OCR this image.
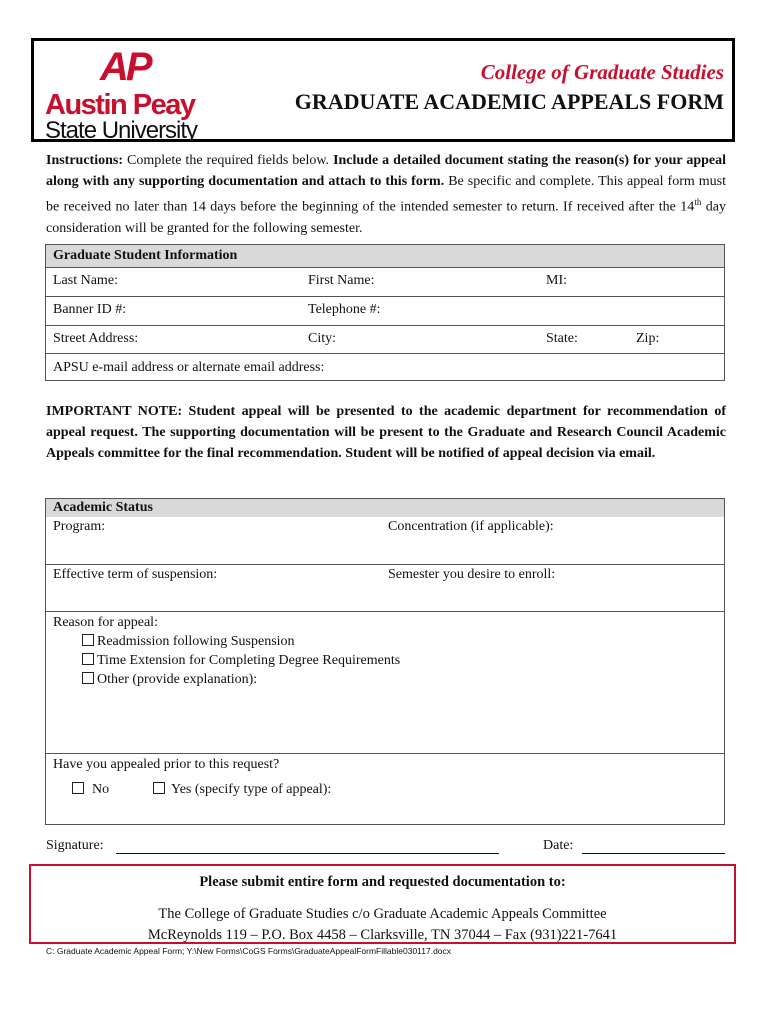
AP
Austin Peay
State University
College of Graduate Studies
GRADUATE ACADEMIC APPEALS FORM
Instructions: Complete the required fields below. Include a detailed document stating the reason(s) for your appeal along with any supporting documentation and attach to this form. Be specific and complete. This appeal form must be received no later than 14 days before the beginning of the intended semester to return. If received after the 14th day consideration will be granted for the following semester.
Graduate Student Information
Last Name:	First Name:	MI:
Banner ID #:	Telephone #:
Street Address:	City:	State:	Zip:
APSU e-mail address or alternate email address:
IMPORTANT NOTE: Student appeal will be presented to the academic department for recommendation of appeal request. The supporting documentation will be present to the Graduate and Research Council Academic Appeals committee for the final recommendation. Student will be notified of appeal decision via email.
Academic Status
Program:	Concentration (if applicable):
Effective term of suspension:	Semester you desire to enroll:
Reason for appeal:
Readmission following Suspension
Time Extension for Completing Degree Requirements
Other (provide explanation):
Have you appealed prior to this request?
No	Yes (specify type of appeal):
Signature:	Date:
Please submit entire form and requested documentation to:
The College of Graduate Studies c/o Graduate Academic Appeals Committee
McReynolds 119 – P.O. Box 4458 – Clarksville, TN 37044 – Fax (931)221-7641
C: Graduate Academic Appeal Form; Y:\New Forms\CoGS Forms\GraduateAppealFormFillable030117.docx
